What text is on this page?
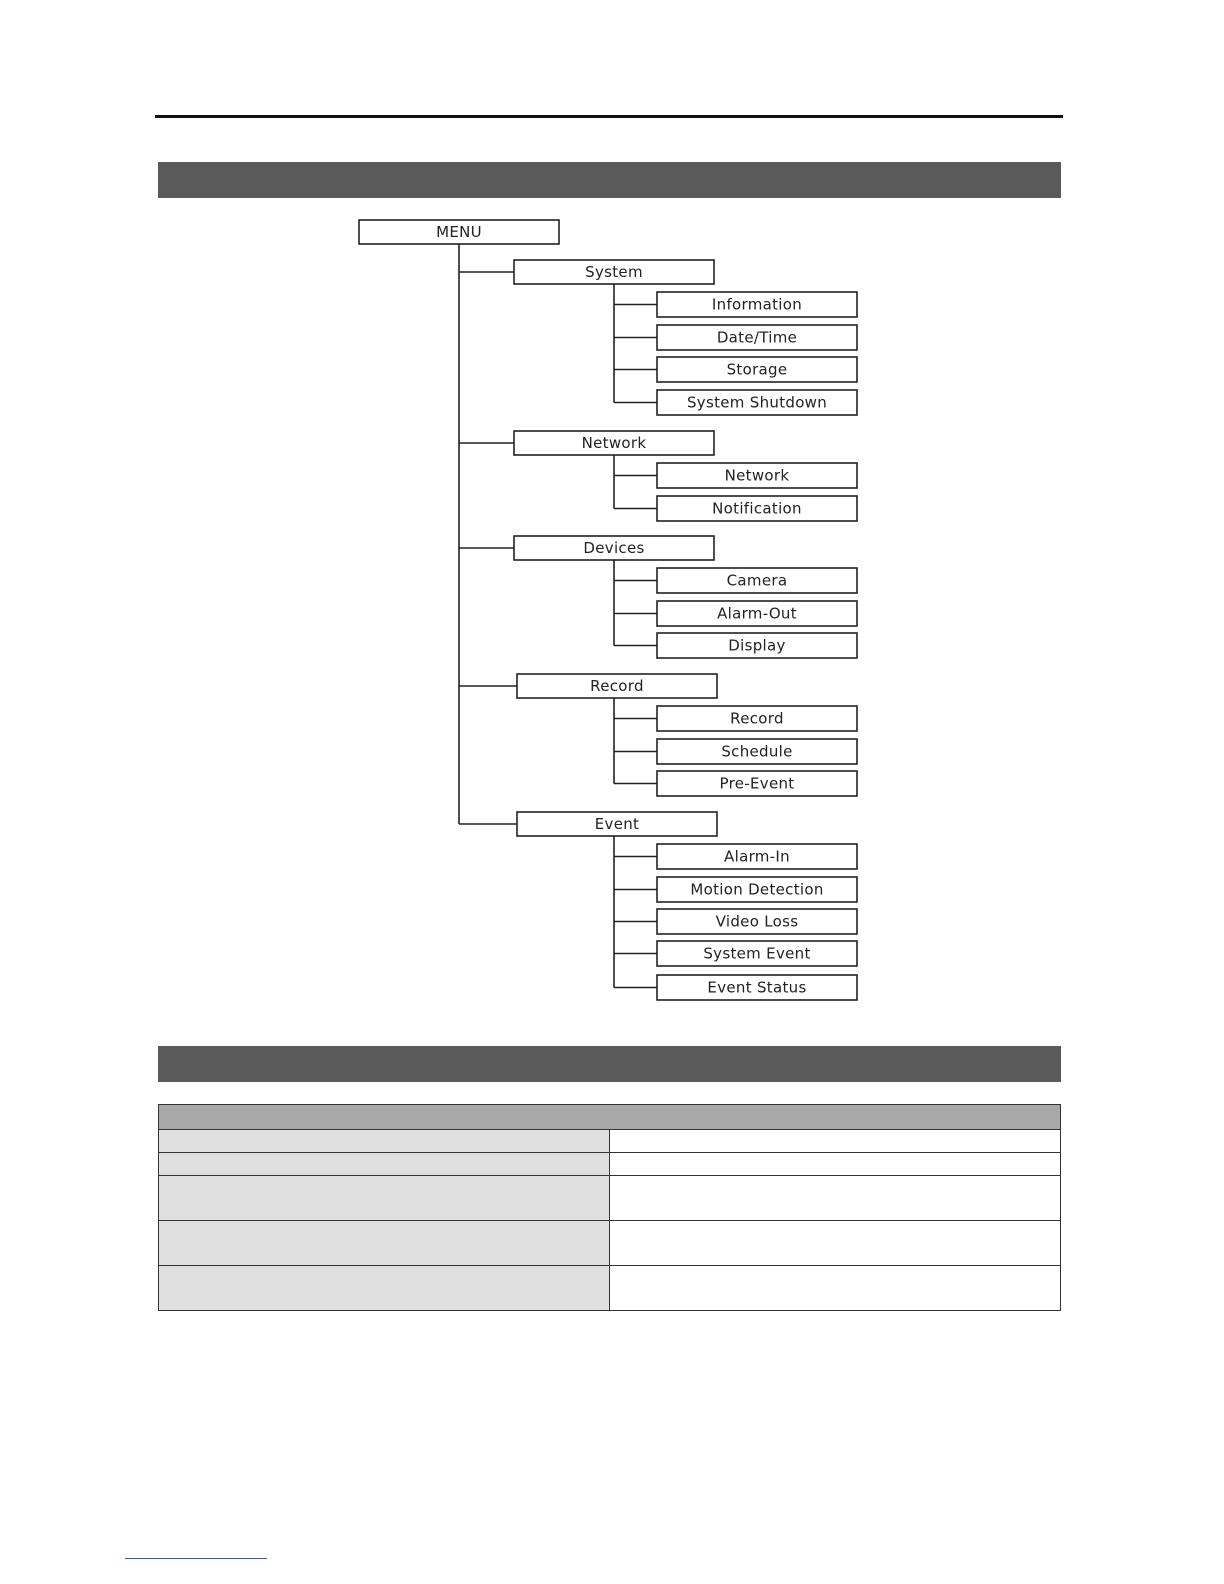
MENU
System
Information
Date/Time
Storage
System Shutdown
Network
Network
Notification
Devices
Camera
Alarm-Out
Display
Record
Record
Schedule
Pre-Event
Event
Alarm-In
Motion Detection
Video Loss
System Event
Event Status
